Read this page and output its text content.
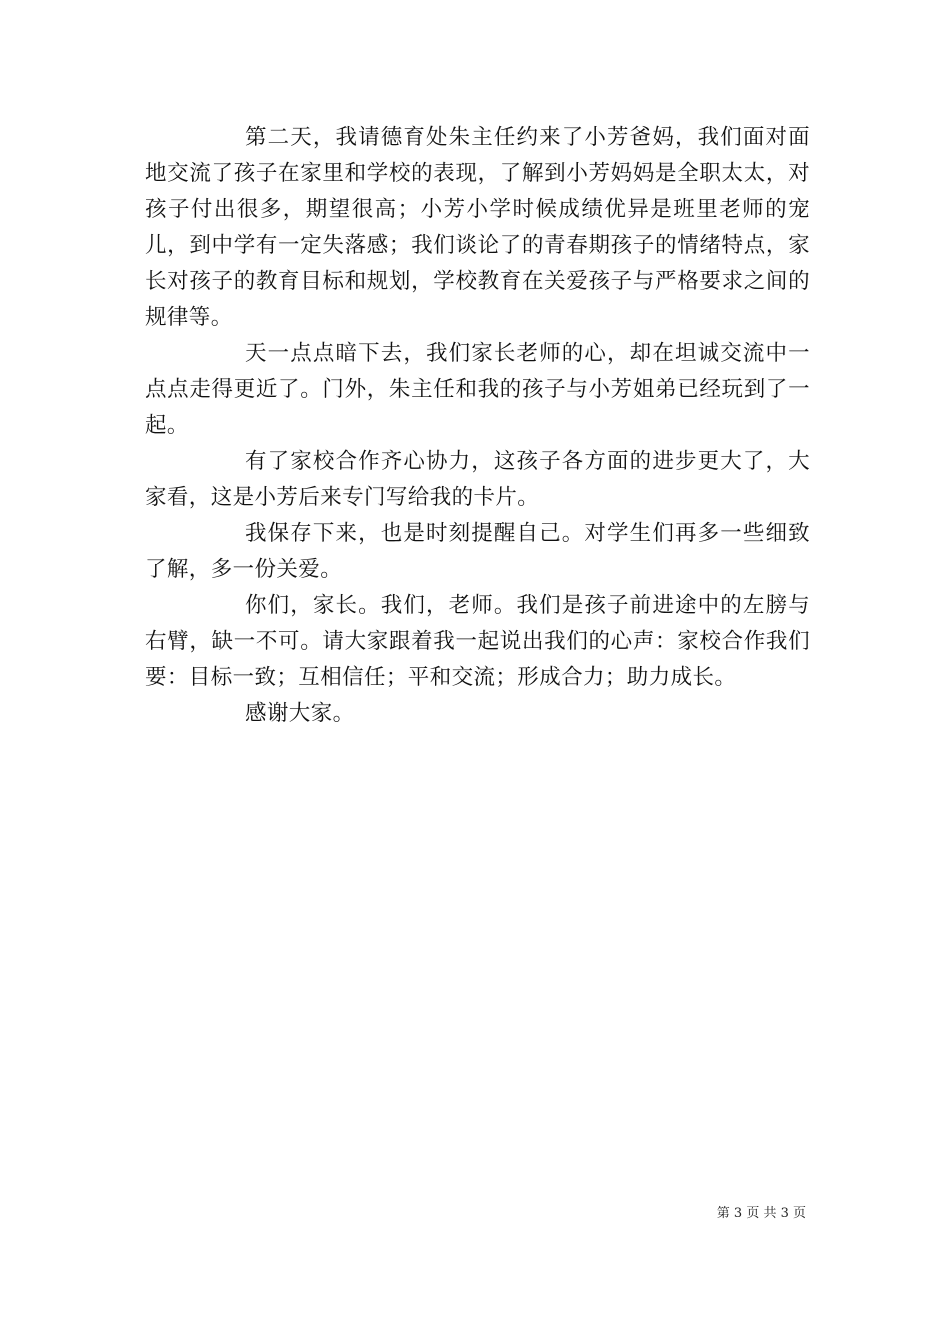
第二天，我请德育处朱主任约来了小芳爸妈，我们面对面地交流了孩子在家里和学校的表现，了解到小芳妈妈是全职太太，对孩子付出很多，期望很高；小芳小学时候成绩优异是班里老师的宠儿，到中学有一定失落感；我们谈论了的青春期孩子的情绪特点，家长对孩子的教育目标和规划，学校教育在关爱孩子与严格要求之间的规律等。

天一点点暗下去，我们家长老师的心，却在坦诚交流中一点点走得更近了。门外，朱主任和我的孩子与小芳姐弟已经玩到了一起。

有了家校合作齐心协力，这孩子各方面的进步更大了，大家看，这是小芳后来专门写给我的卡片。

我保存下来，也是时刻提醒自己。对学生们再多一些细致了解，多一份关爱。

你们，家长。我们，老师。我们是孩子前进途中的左膀与右臂，缺一不可。请大家跟着我一起说出我们的心声：家校合作我们要：目标一致；互相信任；平和交流；形成合力；助力成长。

感谢大家。

第 3 页 共 3 页
